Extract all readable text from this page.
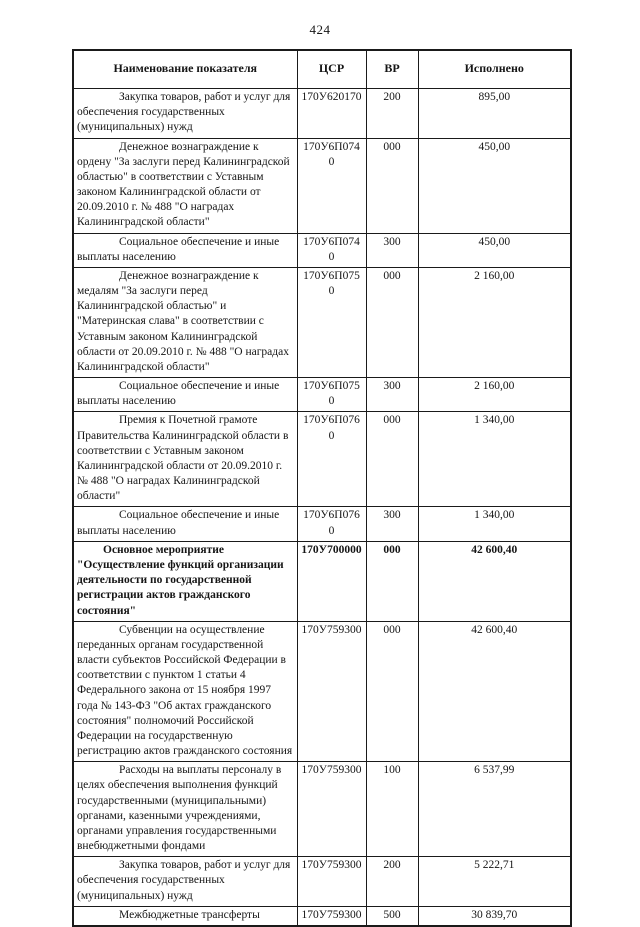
424
Наименование показателя	ЦСР	ВР	Исполнено
Закупка товаров, работ и услуг для обеспечения государственных (муниципальных) нужд	170У620170	200	895,00
Денежное вознаграждение к ордену "За заслуги перед Калининградской областью" в соответствии с Уставным законом Калининградской области от 20.09.2010 г. № 488 "О наградах Калининградской области"	170У6П0740	000	450,00
Социальное обеспечение и иные выплаты населению	170У6П0740	300	450,00
Денежное вознаграждение к медалям "За заслуги перед Калининградской областью" и "Материнская слава" в соответствии с Уставным законом Калининградской области от 20.09.2010 г. № 488 "О наградах Калининградской области"	170У6П0750	000	2 160,00
Социальное обеспечение и иные выплаты населению	170У6П0750	300	2 160,00
Премия к Почетной грамоте Правительства Калининградской области в соответствии с Уставным законом Калининградской области от 20.09.2010 г. № 488 "О наградах Калининградской области"	170У6П0760	000	1 340,00
Социальное обеспечение и иные выплаты населению	170У6П0760	300	1 340,00
Основное мероприятие "Осуществление функций организации деятельности по государственной регистрации актов гражданского состояния"	170У700000	000	42 600,40
Субвенции на осуществление переданных органам государственной власти субъектов Российской Федерации в соответствии с пунктом 1 статьи 4 Федерального закона от 15 ноября 1997 года № 143-ФЗ "Об актах гражданского состояния" полномочий Российской Федерации на государственную регистрацию актов гражданского состояния	170У759300	000	42 600,40
Расходы на выплаты персоналу в целях обеспечения выполнения функций государственными (муниципальными) органами, казенными учреждениями, органами управления государственными внебюджетными фондами	170У759300	100	6 537,99
Закупка товаров, работ и услуг для обеспечения государственных (муниципальных) нужд	170У759300	200	5 222,71
Межбюджетные трансферты	170У759300	500	30 839,70
